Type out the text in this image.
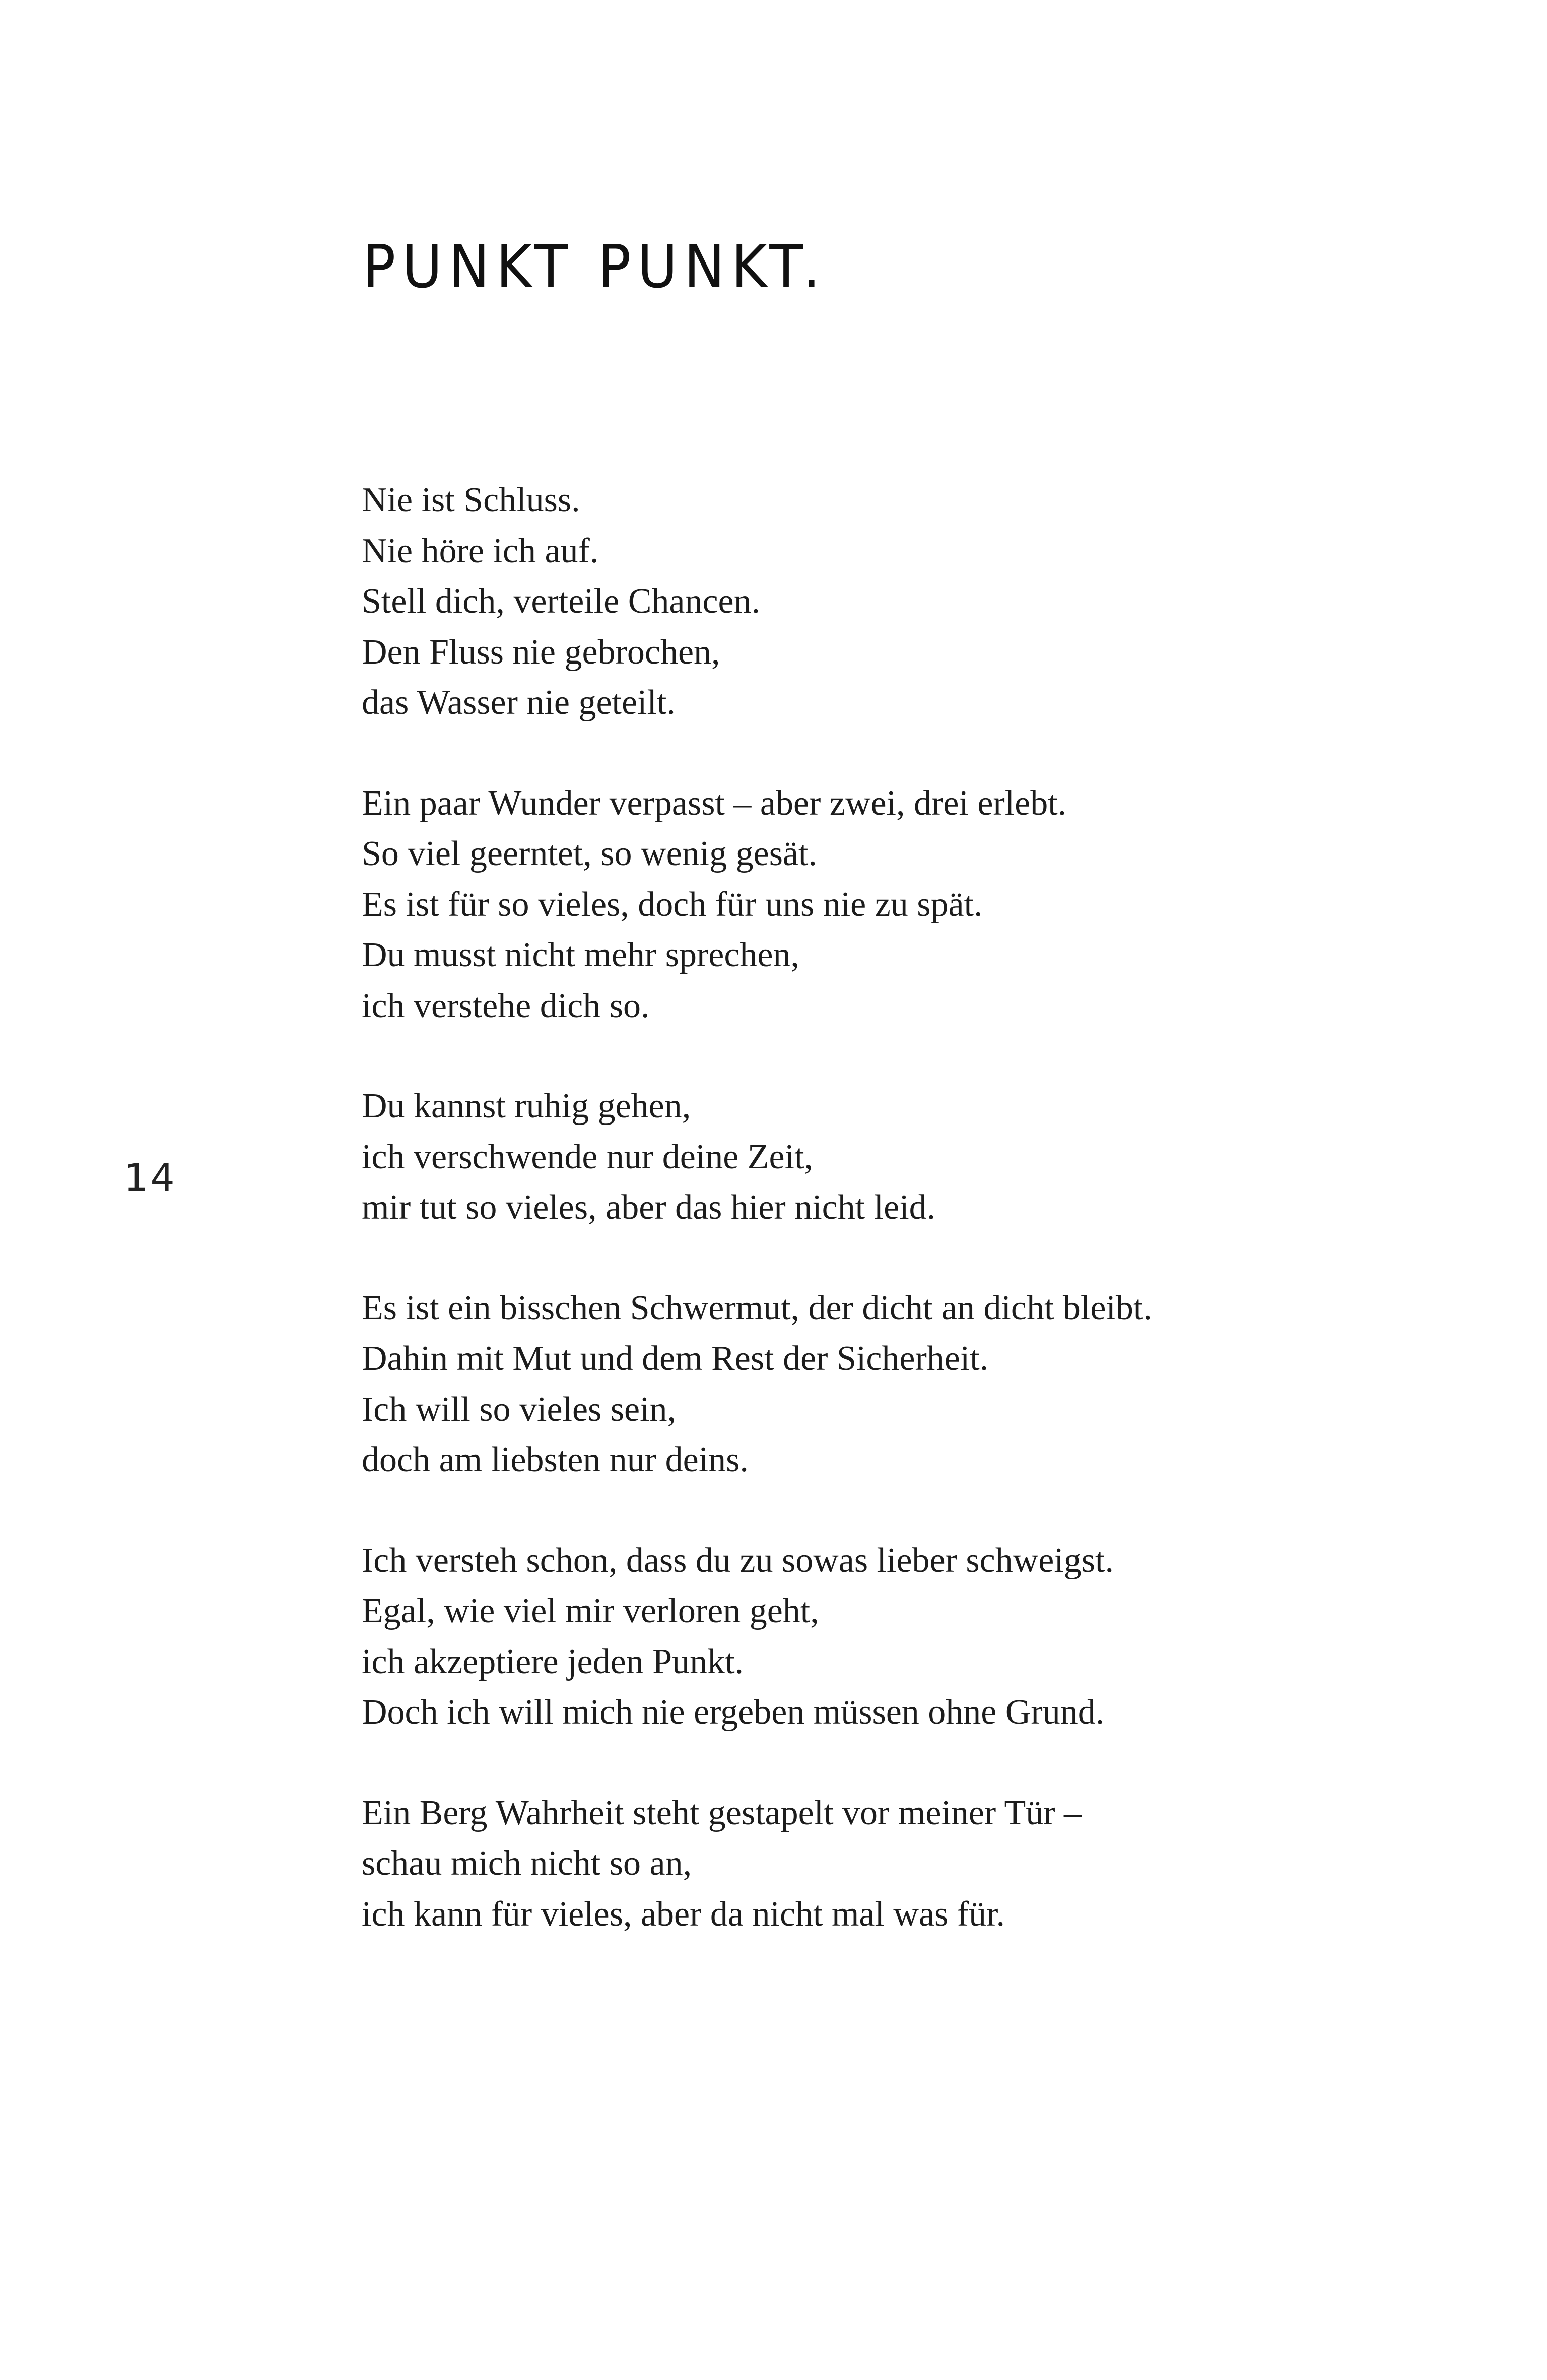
PUNKT PUNKT.

Nie ist Schluss.
Nie höre ich auf.
Stell dich, verteile Chancen.
Den Fluss nie gebrochen,
das Wasser nie geteilt.

Ein paar Wunder verpasst – aber zwei, drei erlebt.
So viel geerntet, so wenig gesät.
Es ist für so vieles, doch für uns nie zu spät.
Du musst nicht mehr sprechen,
ich verstehe dich so.

Du kannst ruhig gehen,
ich verschwende nur deine Zeit,
mir tut so vieles, aber das hier nicht leid.

Es ist ein bisschen Schwermut, der dicht an dicht bleibt.
Dahin mit Mut und dem Rest der Sicherheit.
Ich will so vieles sein,
doch am liebsten nur deins.

Ich versteh schon, dass du zu sowas lieber schweigst.
Egal, wie viel mir verloren geht,
ich akzeptiere jeden Punkt.
Doch ich will mich nie ergeben müssen ohne Grund.

Ein Berg Wahrheit steht gestapelt vor meiner Tür –
schau mich nicht so an,
ich kann für vieles, aber da nicht mal was für.

14
